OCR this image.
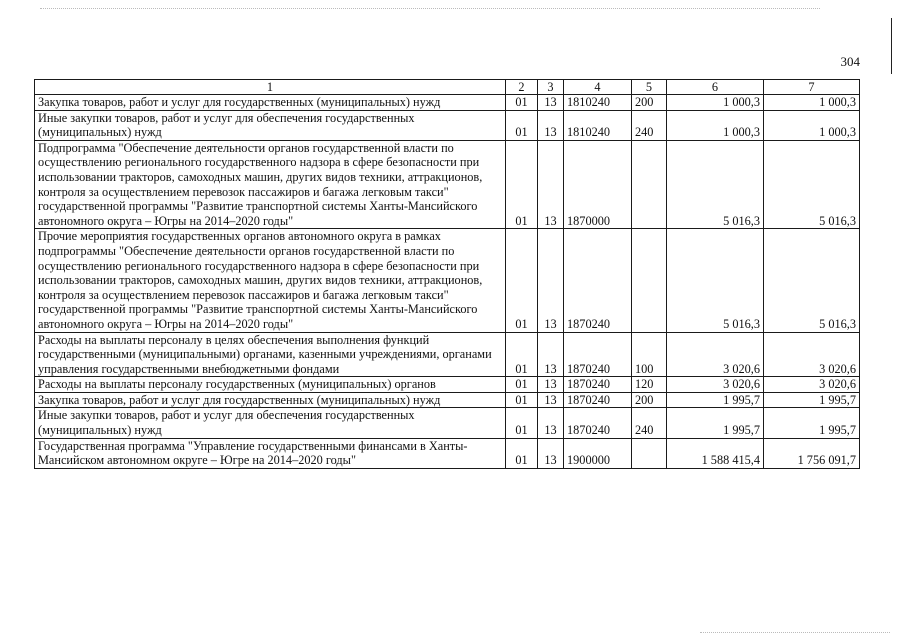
304
1	2	3	4	5	6	7
Закупка товаров, работ и услуг для государственных (муниципальных) нужд	01	13	1810240	200	1 000,3	1 000,3
Иные закупки товаров, работ и услуг для обеспечения государственных (муниципальных) нужд	01	13	1810240	240	1 000,3	1 000,3
Подпрограмма "Обеспечение деятельности органов государственной власти по осуществлению регионального государственного надзора в сфере безопасности при использовании тракторов, самоходных машин, других видов техники, аттракционов, контроля за осуществлением перевозок пассажиров и багажа легковым такси" государственной программы "Развитие транспортной системы Ханты-Мансийского автономного округа – Югры на 2014–2020 годы"	01	13	1870000		5 016,3	5 016,3
Прочие мероприятия государственных органов автономного округа в рамках подпрограммы "Обеспечение деятельности органов государственной власти по осуществлению регионального государственного надзора в сфере безопасности при использовании тракторов, самоходных машин, других видов техники, аттракционов, контроля за осуществлением перевозок пассажиров и багажа легковым такси" государственной программы "Развитие транспортной системы Ханты-Мансийского автономного округа – Югры на 2014–2020 годы"	01	13	1870240		5 016,3	5 016,3
Расходы на выплаты персоналу в целях обеспечения выполнения функций государственными (муниципальными) органами, казенными учреждениями, органами управления государственными внебюджетными фондами	01	13	1870240	100	3 020,6	3 020,6
Расходы на выплаты персоналу государственных (муниципальных) органов	01	13	1870240	120	3 020,6	3 020,6
Закупка товаров, работ и услуг для государственных (муниципальных) нужд	01	13	1870240	200	1 995,7	1 995,7
Иные закупки товаров, работ и услуг для обеспечения государственных (муниципальных) нужд	01	13	1870240	240	1 995,7	1 995,7
Государственная программа "Управление государственными финансами в Ханты-Мансийском автономном округе – Югре на 2014–2020 годы"	01	13	1900000		1 588 415,4	1 756 091,7
